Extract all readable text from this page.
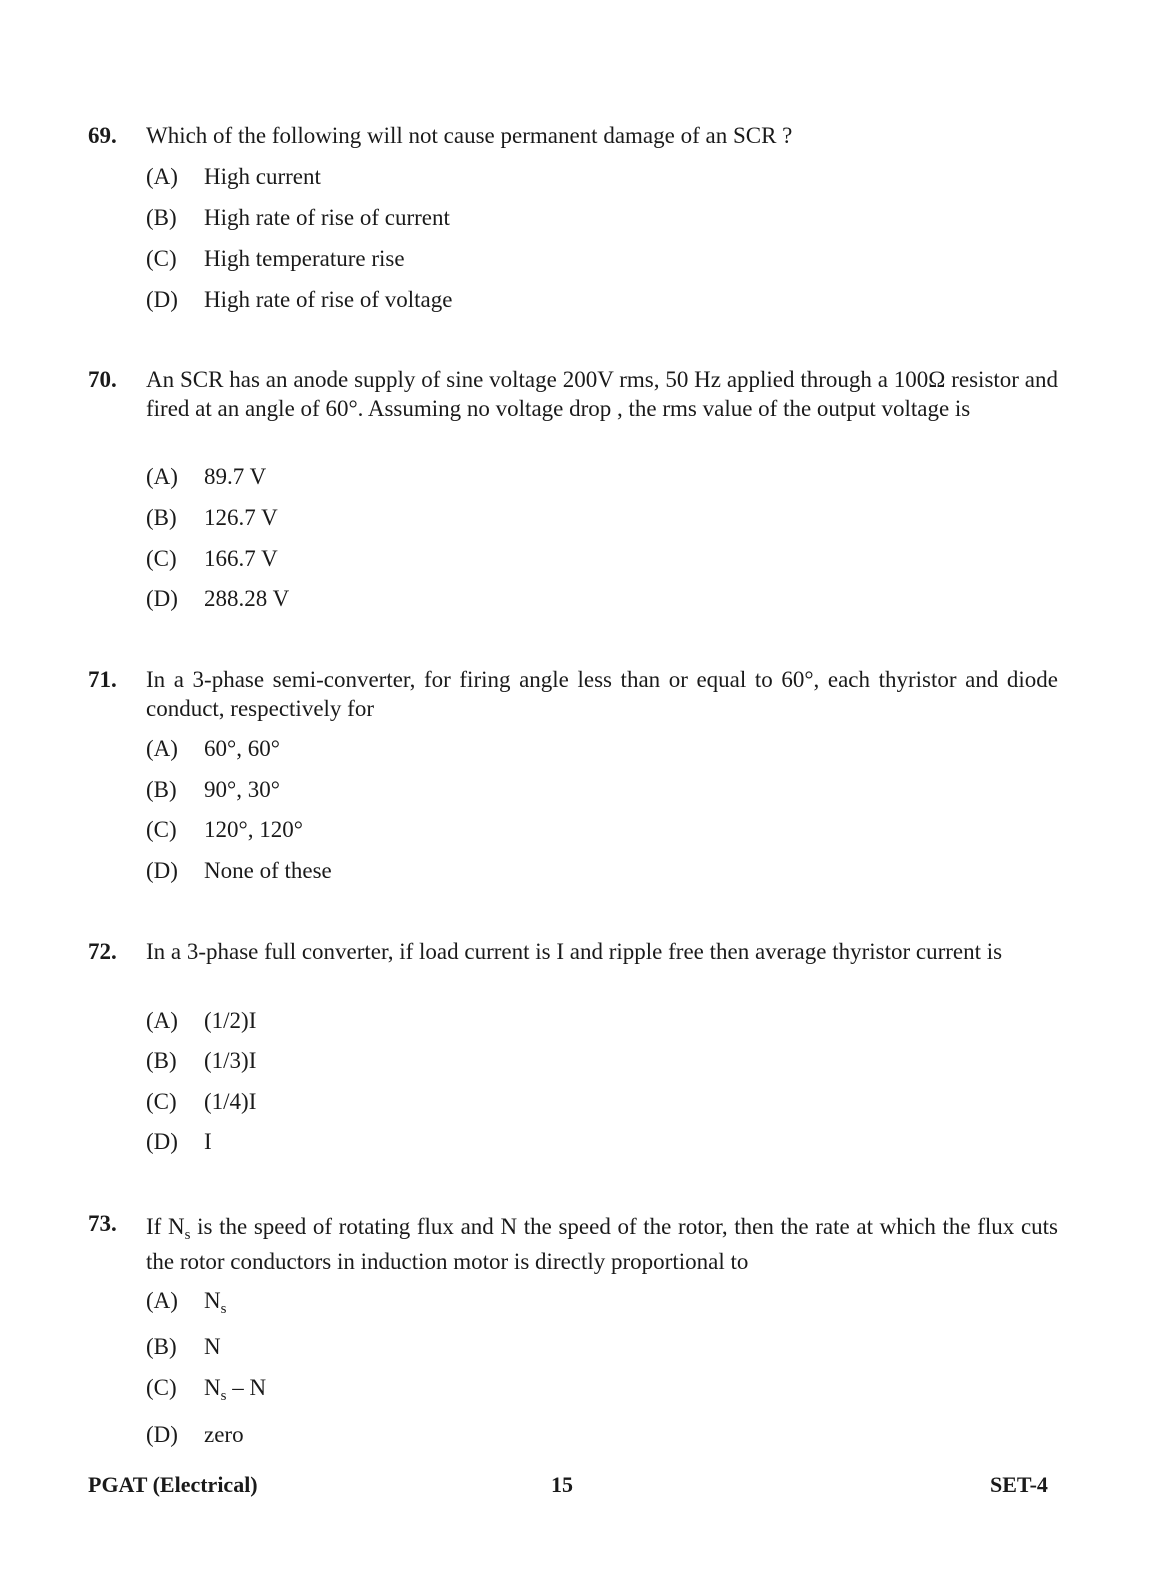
69. Which of the following will not cause permanent damage of an SCR ?
(A) High current
(B) High rate of rise of current
(C) High temperature rise
(D) High rate of rise of voltage
70. An SCR has an anode supply of sine voltage 200V rms, 50 Hz applied through a 100Ω resistor and fired at an angle of 60°. Assuming no voltage drop , the rms value of the output voltage is
(A) 89.7 V
(B) 126.7 V
(C) 166.7 V
(D) 288.28 V
71. In a 3-phase semi-converter, for firing angle less than or equal to 60°, each thyristor and diode conduct, respectively for
(A) 60°, 60°
(B) 90°, 30°
(C) 120°, 120°
(D) None of these
72. In a 3-phase full converter, if load current is I and ripple free then average thyristor current is
(A) (1/2)I
(B) (1/3)I
(C) (1/4)I
(D) I
73. If $N_s$ is the speed of rotating flux and N the speed of the rotor, then the rate at which the flux cuts the rotor conductors in induction motor is directly proportional to
(A) $N_s$
(B) N
(C) $N_s$ – N
(D) zero
PGAT (Electrical)	15	SET-4
